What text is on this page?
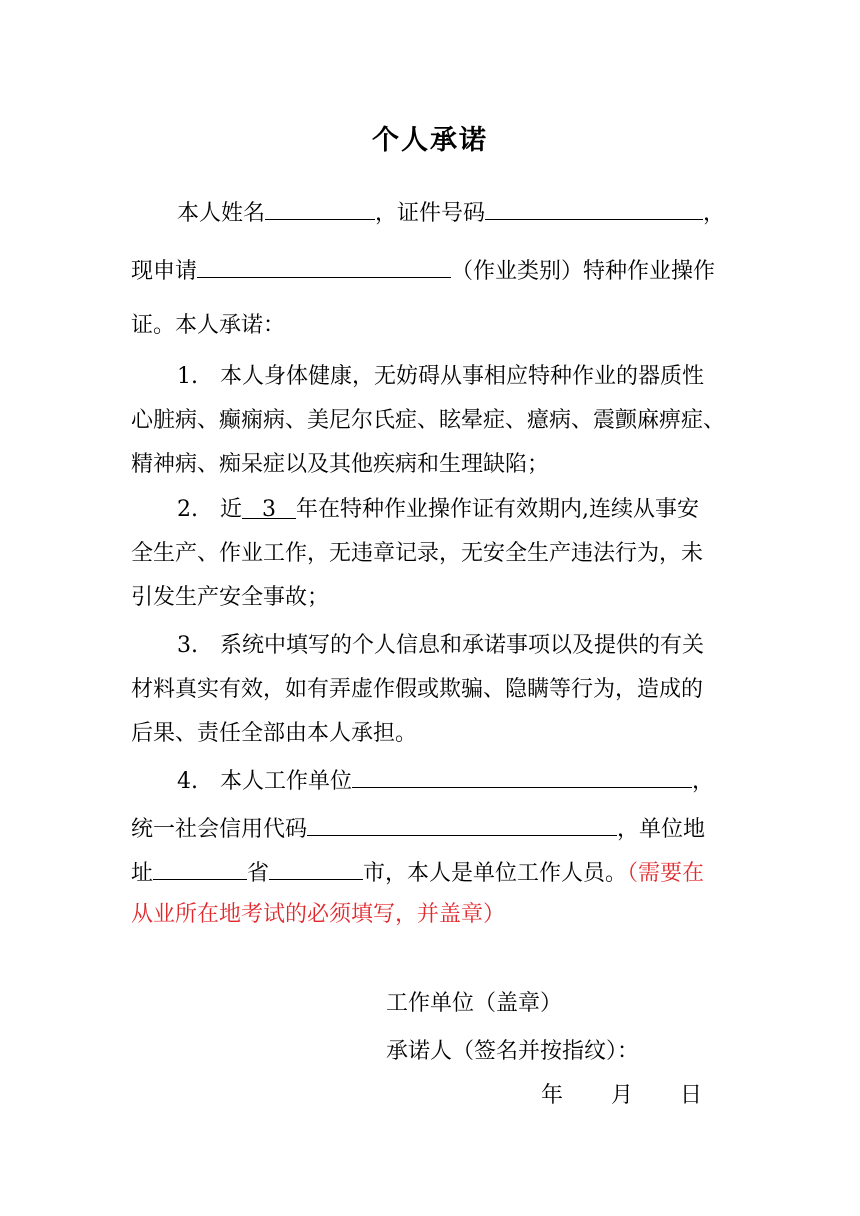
个人承诺
本人姓名	，证件号码	，
现申请	（作业类别）特种作业操作
证。本人承诺：
1. 本人身体健康，无妨碍从事相应特种作业的器质性
心脏病、癫痫病、美尼尔氏症、眩晕症、癔病、震颤麻痹症、
精神病、痴呆症以及其他疾病和生理缺陷；
2. 近 3 年在特种作业操作证有效期内,连续从事安
全生产、作业工作，无违章记录，无安全生产违法行为，未
引发生产安全事故；
3. 系统中填写的个人信息和承诺事项以及提供的有关
材料真实有效，如有弄虚作假或欺骗、隐瞒等行为，造成的
后果、责任全部由本人承担。
4. 本人工作单位	，
统一社会信用代码	，单位地
址	省	市，本人是单位工作人员。（需要在
从业所在地考试的必须填写，并盖章）
工作单位（盖章）
承诺人（签名并按指纹）：
年 月 日
